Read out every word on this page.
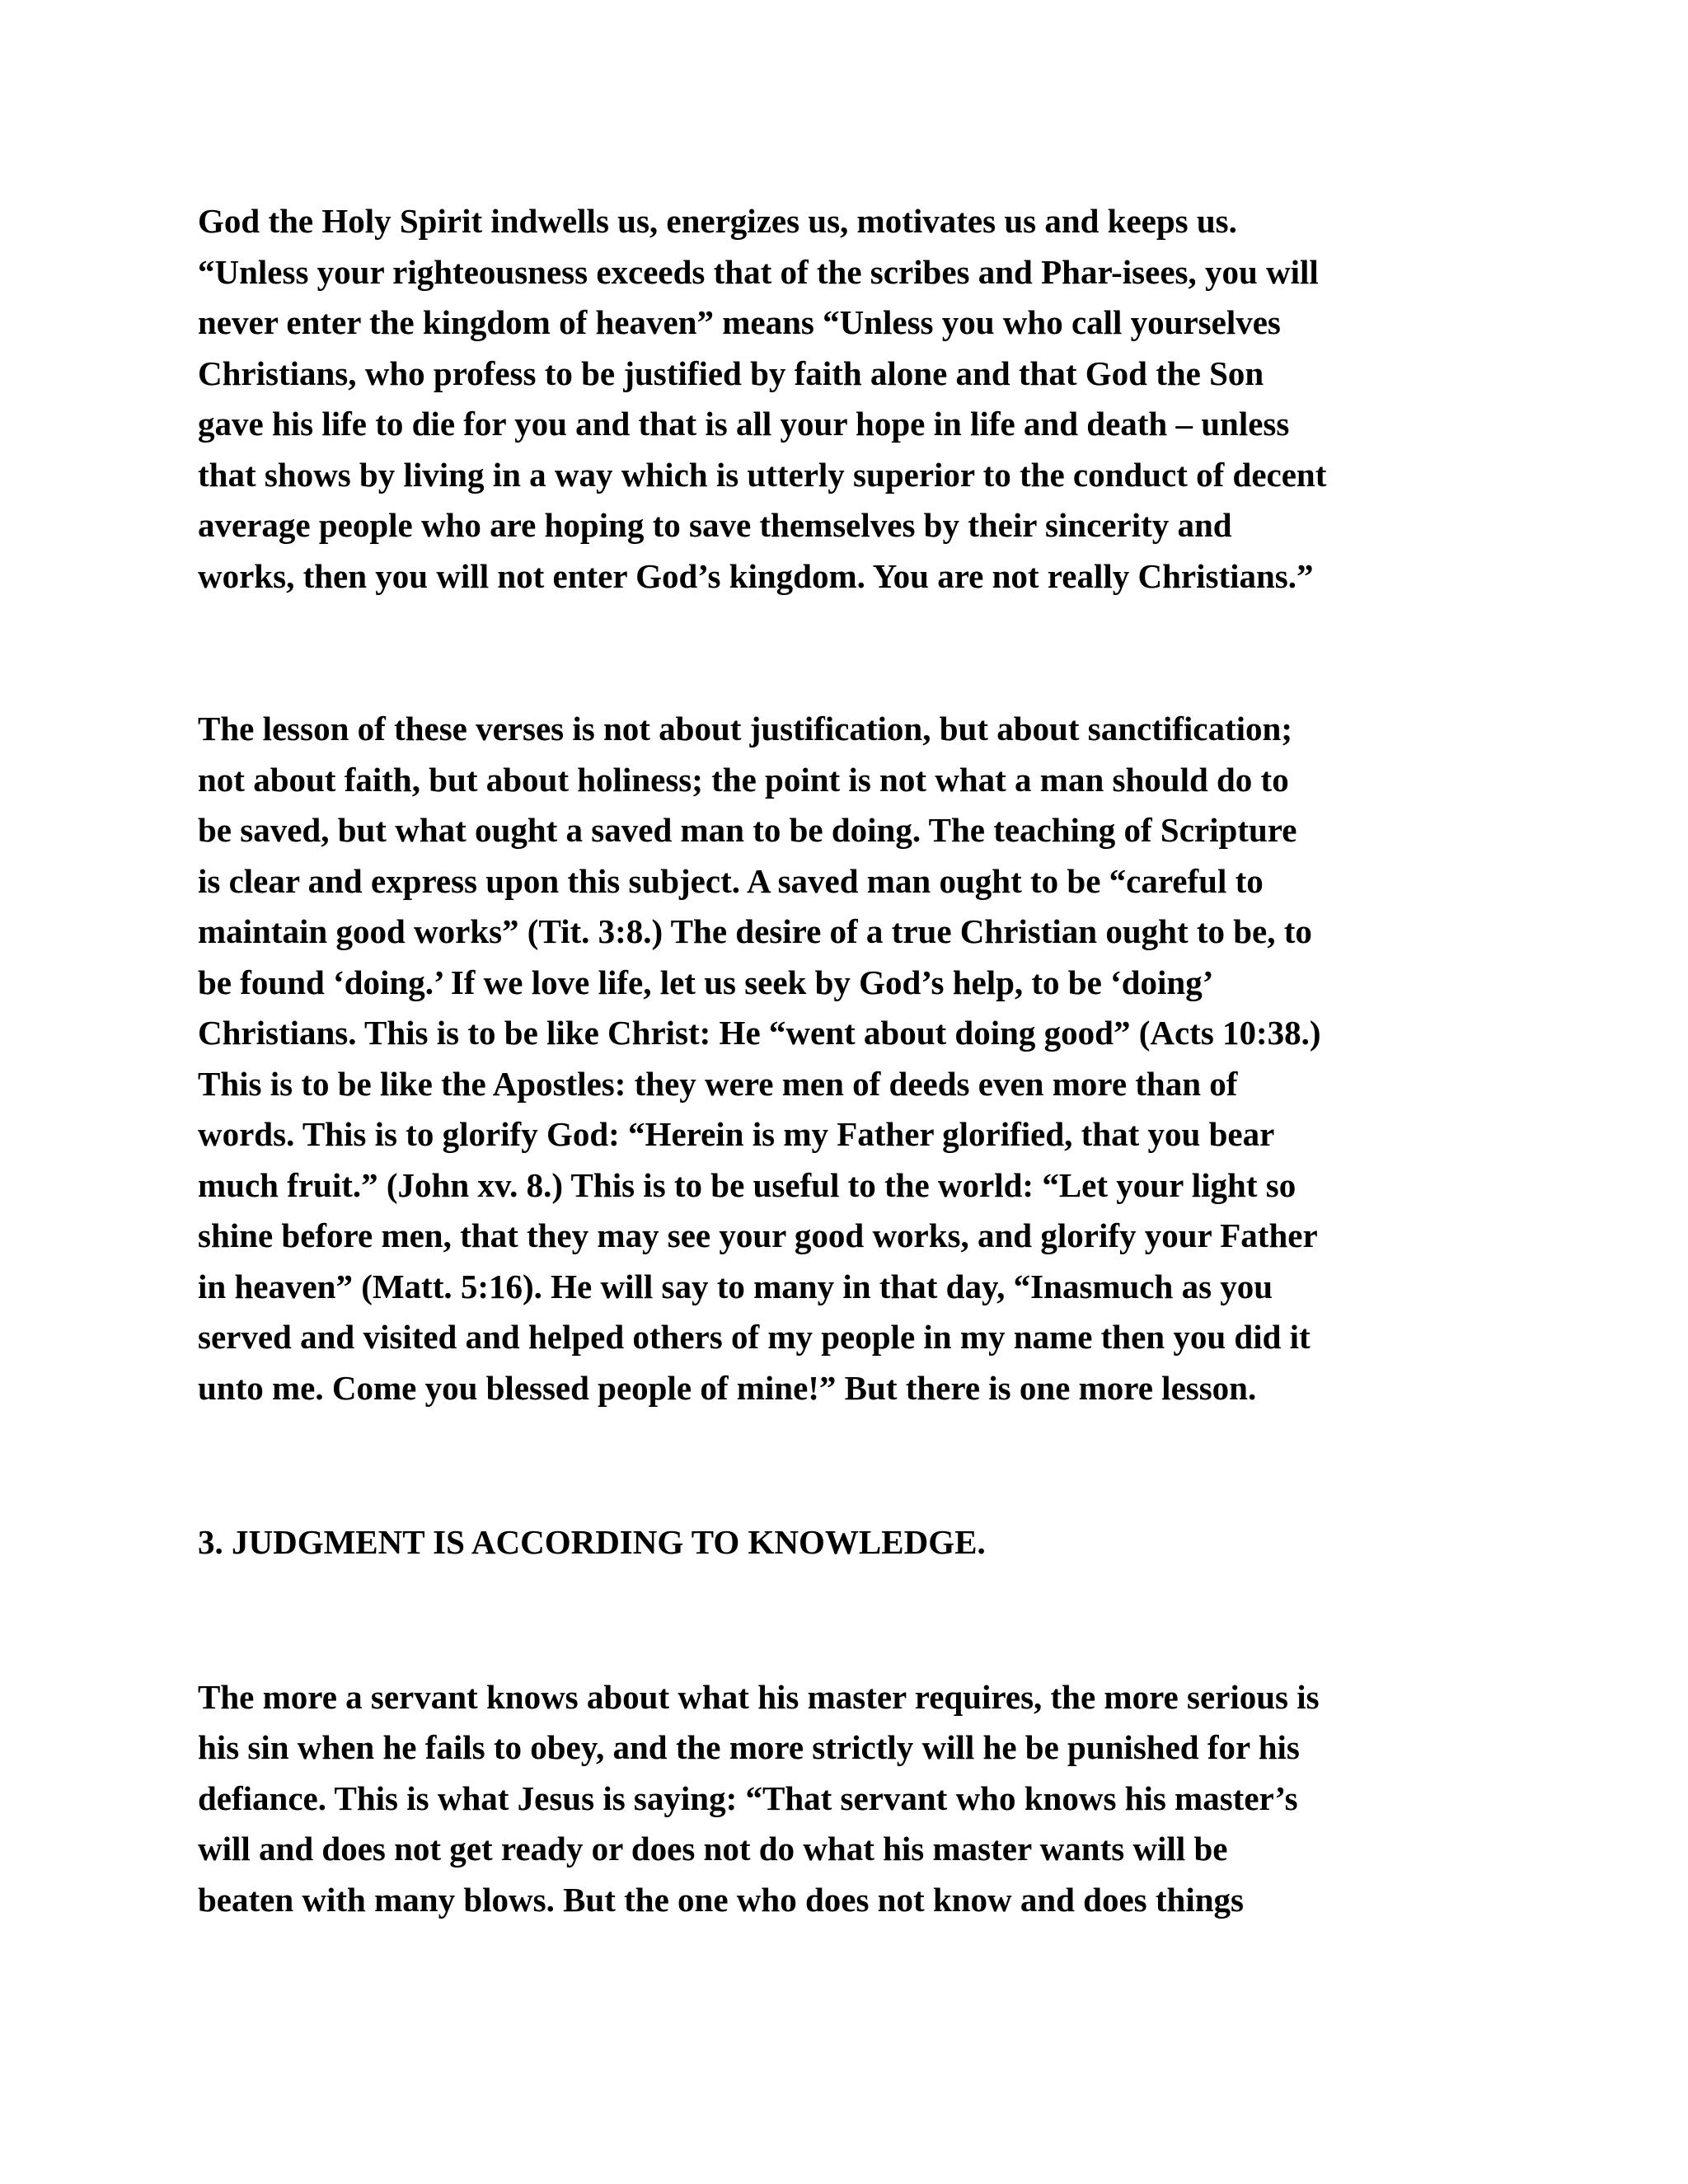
God the Holy Spirit indwells us, energizes us, motivates us and keeps us.
“Unless your righteousness exceeds that of the scribes and Phar-isees, you will
never enter the kingdom of heaven” means “Unless you who call yourselves
Christians, who profess to be justified by faith alone and that God the Son
gave his life to die for you and that is all your hope in life and death – unless
that shows by living in a way which is utterly superior to the conduct of decent
average people who are hoping to save themselves by their sincerity and
works, then you will not enter God’s kingdom. You are not really Christians.”
The lesson of these verses is not about justification, but about sanctification;
not about faith, but about holiness; the point is not what a man should do to
be saved, but what ought a saved man to be doing. The teaching of Scripture
is clear and express upon this subject. A saved man ought to be “careful to
maintain good works” (Tit. 3:8.) The desire of a true Christian ought to be, to
be found ‘doing.’ If we love life, let us seek by God’s help, to be ‘doing’
Christians. This is to be like Christ: He “went about doing good” (Acts 10:38.)
This is to be like the Apostles: they were men of deeds even more than of
words. This is to glorify God: “Herein is my Father glorified, that you bear
much fruit.” (John xv. 8.) This is to be useful to the world: “Let your light so
shine before men, that they may see your good works, and glorify your Father
in heaven” (Matt. 5:16). He will say to many in that day, “Inasmuch as you
served and visited and helped others of my people in my name then you did it
unto me. Come you blessed people of mine!” But there is one more lesson.
3. JUDGMENT IS ACCORDING TO KNOWLEDGE.
The more a servant knows about what his master requires, the more serious is
his sin when he fails to obey, and the more strictly will he be punished for his
defiance. This is what Jesus is saying: “That servant who knows his master’s
will and does not get ready or does not do what his master wants will be
beaten with many blows. But the one who does not know and does things
